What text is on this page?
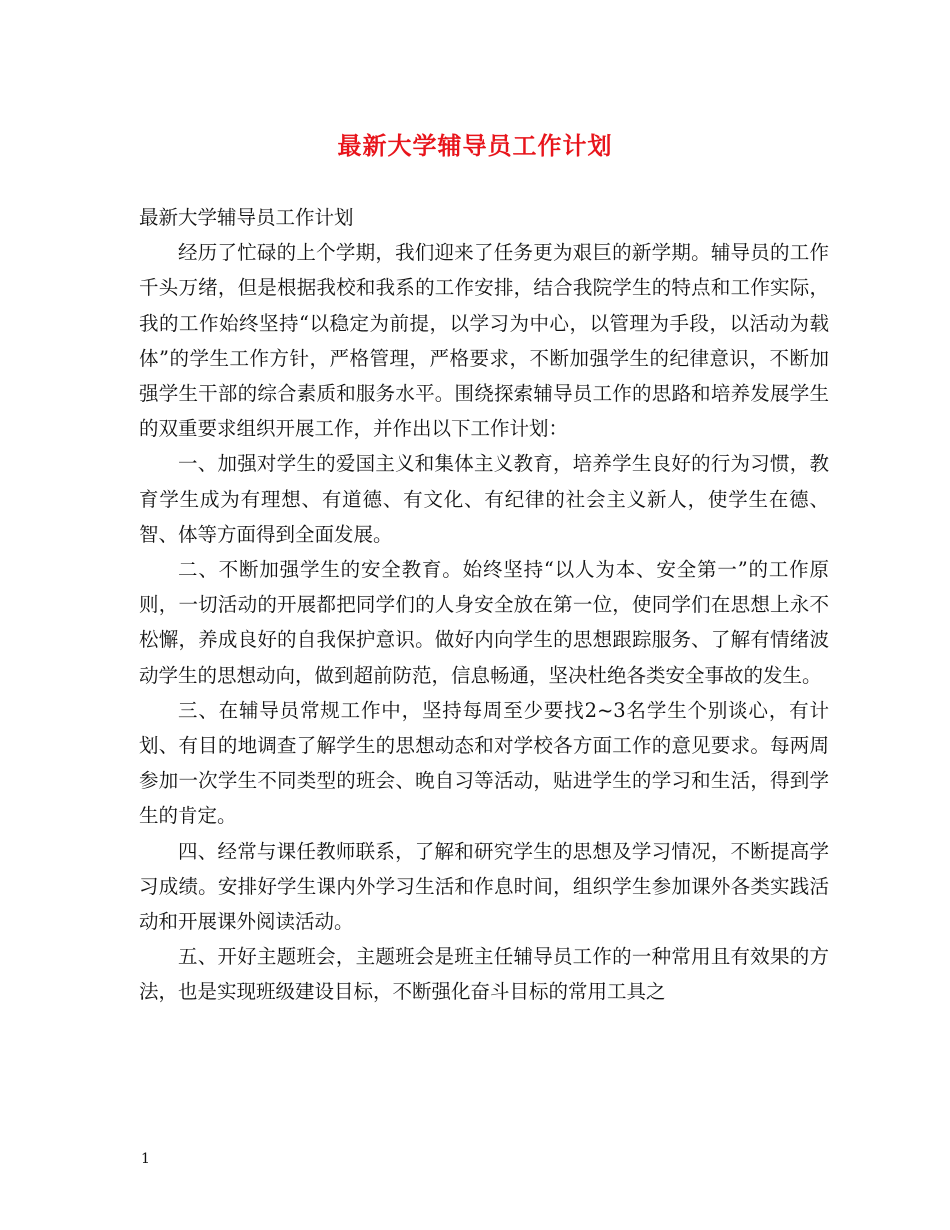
最新大学辅导员工作计划

最新大学辅导员工作计划

经历了忙碌的上个学期，我们迎来了任务更为艰巨的新学期。辅导员的工作千头万绪，但是根据我校和我系的工作安排，结合我院学生的特点和工作实际，我的工作始终坚持“以稳定为前提，以学习为中心，以管理为手段，以活动为载体”的学生工作方针，严格管理，严格要求，不断加强学生的纪律意识，不断加强学生干部的综合素质和服务水平。围绕探索辅导员工作的思路和培养发展学生的双重要求组织开展工作，并作出以下工作计划：

一、加强对学生的爱国主义和集体主义教育，培养学生良好的行为习惯，教育学生成为有理想、有道德、有文化、有纪律的社会主义新人，使学生在德、智、体等方面得到全面发展。

二、不断加强学生的安全教育。始终坚持“以人为本、安全第一”的工作原则，一切活动的开展都把同学们的人身安全放在第一位，使同学们在思想上永不松懈，养成良好的自我保护意识。做好内向学生的思想跟踪服务、了解有情绪波动学生的思想动向，做到超前防范，信息畅通，坚决杜绝各类安全事故的发生。

三、在辅导员常规工作中，坚持每周至少要找2~3名学生个别谈心，有计划、有目的地调查了解学生的思想动态和对学校各方面工作的意见要求。每两周参加一次学生不同类型的班会、晚自习等活动，贴进学生的学习和生活，得到学生的肯定。

四、经常与课任教师联系，了解和研究学生的思想及学习情况，不断提高学习成绩。安排好学生课内外学习生活和作息时间，组织学生参加课外各类实践活动和开展课外阅读活动。

五、开好主题班会，主题班会是班主任辅导员工作的一种常用且有效果的方法，也是实现班级建设目标，不断强化奋斗目标的常用工具之

1
